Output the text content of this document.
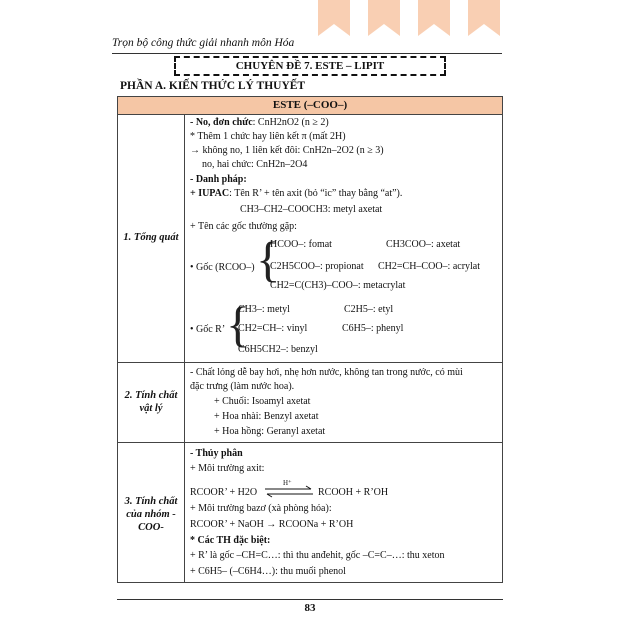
Trọn bộ công thức giải nhanh môn Hóa
CHUYÊN ĐỀ 7. ESTE – LIPIT
PHẦN A. KIẾN THỨC LÝ THUYẾT
ESTE (–COO–)
1. Tổng quát
- No, đơn chức: CnH2nO2 (n ≥ 2)
* Thêm 1 chức hay liên kết π (mất 2H)
→ không no, 1 liên kết đôi: CnH2n–2O2 (n ≥ 3)
no, hai chức: CnH2n–2O4
- Danh pháp:
+ IUPAC: Tên R’ + tên axit (bỏ “ic” thay bằng “at”).
CH3–CH2–COOCH3: metyl axetat
+ Tên các gốc thường gặp:
• Gốc (RCOO–) {
HCOO–: fomat	CH3COO–: axetat
C2H5COO–: propionat CH2=CH–COO–: acrylat
CH2=C(CH3)–COO–: metacrylat
• Gốc R’ {
CH3–: metyl	C2H5–: etyl
CH2=CH–: vinyl	C6H5–: phenyl
C6H5CH2–: benzyl
2. Tính chất vật lý
- Chất lỏng dễ bay hơi, nhẹ hơn nước, không tan trong nước, có mùi
đặc trưng (làm nước hoa).
+ Chuối: Isoamyl axetat
+ Hoa nhài: Benzyl axetat
+ Hoa hồng: Geranyl axetat
3. Tính chất của nhóm -COO-
- Thủy phân
+ Môi trường axit:
RCOOR’ + H2O
H⁺
⇌ RCOOH + R’OH
+ Môi trường bazơ (xà phòng hóa):
RCOOR’ + NaOH → RCOONa + R’OH
* Các TH đặc biệt:
+ R’ là gốc –CH=C…: thì thu anđehit, gốc –C=C–…: thu xeton
+ C6H5– (–C6H4…): thu muối phenol
83
